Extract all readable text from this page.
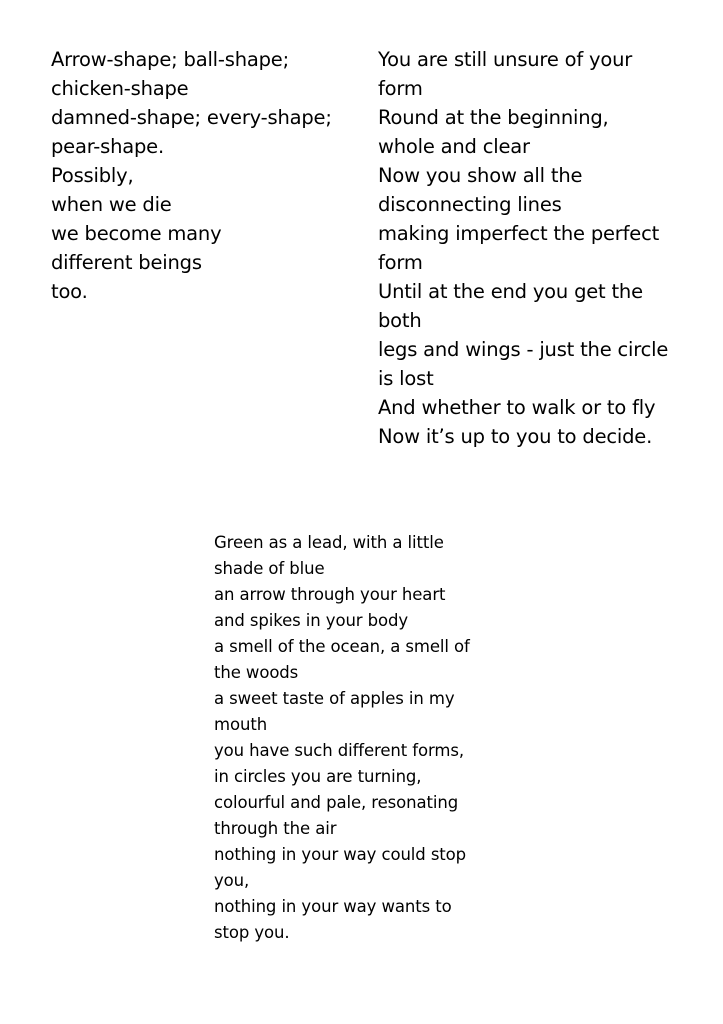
Arrow-shape; ball-shape;
chicken-shape
damned-shape; every-shape;
pear-shape.
Possibly,
when we die
we become many
different beings
too.
You are still unsure of your
form
Round at the beginning,
whole and clear
Now you show all the
disconnecting lines
making imperfect the perfect
form
Until at the end you get the
both
legs and wings - just the circle
is lost
And whether to walk or to fly
Now it’s up to you to decide.
Green as a lead, with a little
shade of blue
an arrow through your heart
and spikes in your body
a smell of the ocean, a smell of
the woods
a sweet taste of apples in my
mouth
you have such different forms,
in circles you are turning,
colourful and pale, resonating
through the air
nothing in your way could stop
you,
nothing in your way wants to
stop you.
